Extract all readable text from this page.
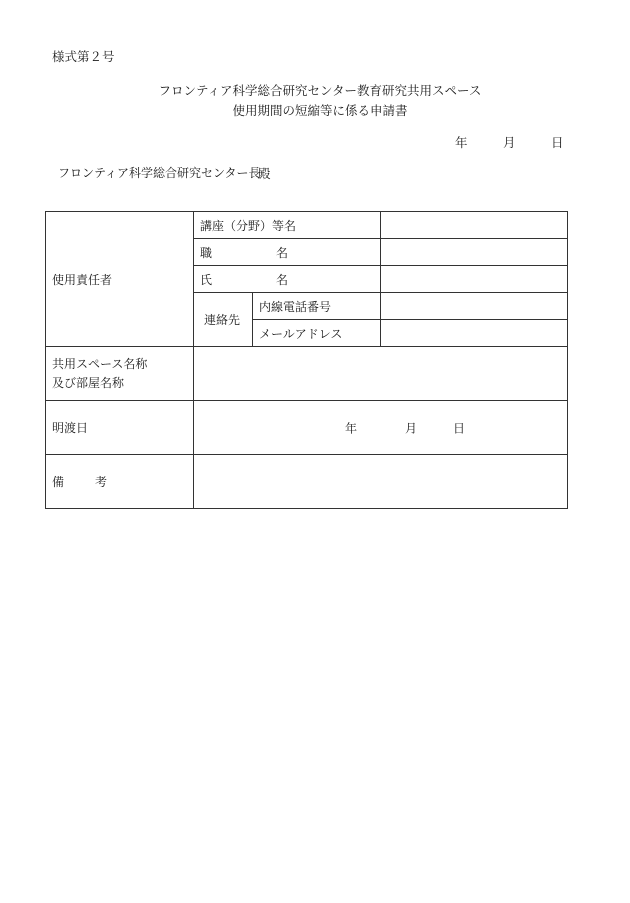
様式第２号
フロンティア科学総合研究センター教育研究共用スペース
使用期間の短縮等に係る申請書
年	月	日
フロンティア科学総合研究センター長
殿
使用責任者	講座（分野）等名		

	職 名		

	氏 名		

	連絡先	内線電話番号	
		メールアドレス	

共用スペース名称
及び部屋名称			

明渡日	年 月 日		

備 考			
